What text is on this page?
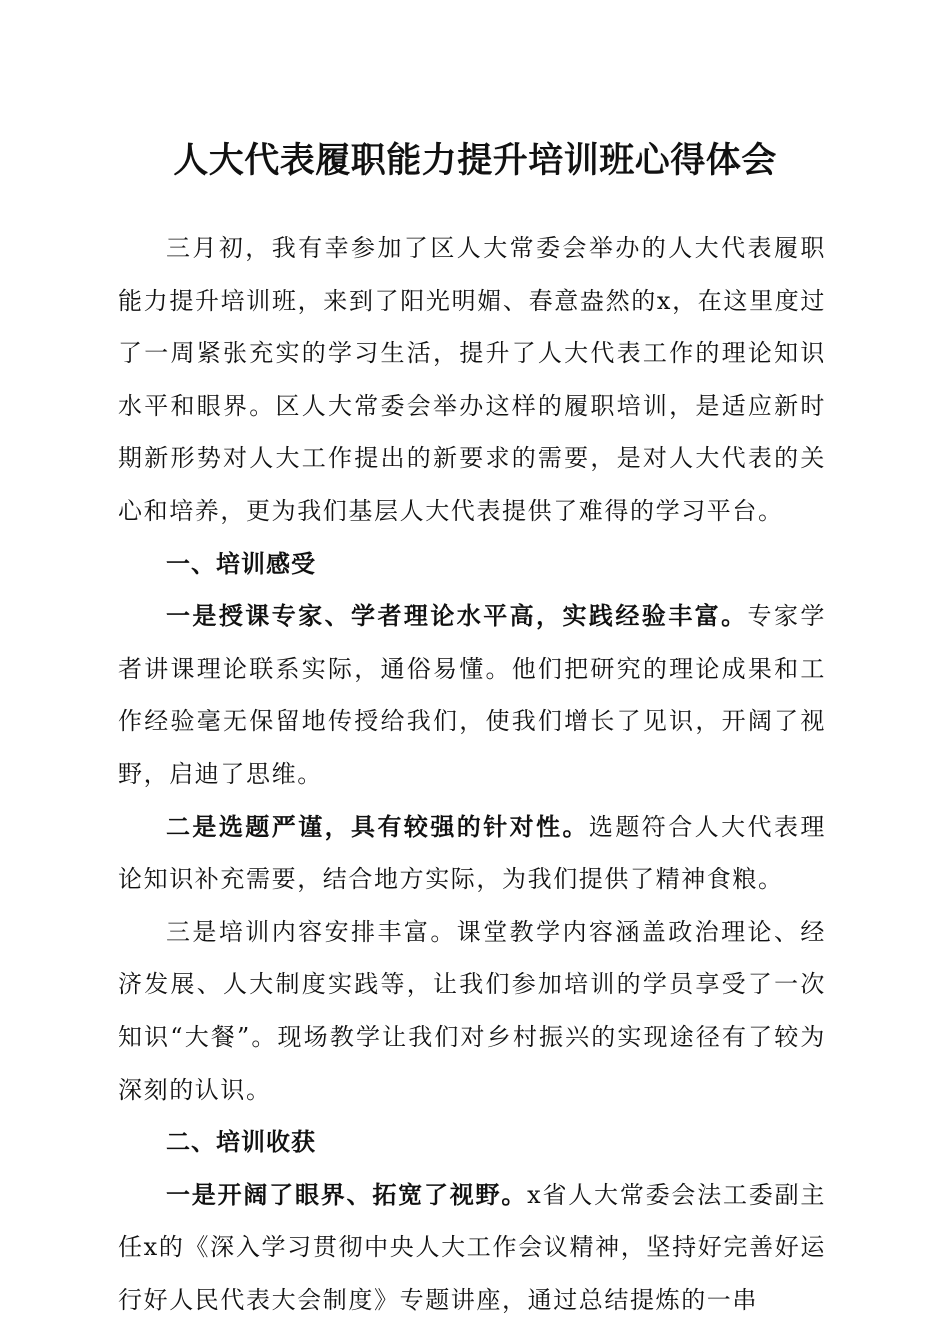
人大代表履职能力提升培训班心得体会

三月初，我有幸参加了区人大常委会举办的人大代表履职能力提升培训班，来到了阳光明媚、春意盎然的x，在这里度过了一周紧张充实的学习生活，提升了人大代表工作的理论知识水平和眼界。区人大常委会举办这样的履职培训，是适应新时期新形势对人大工作提出的新要求的需要，是对人大代表的关心和培养，更为我们基层人大代表提供了难得的学习平台。

一、培训感受

一是授课专家、学者理论水平高，实践经验丰富。专家学者讲课理论联系实际，通俗易懂。他们把研究的理论成果和工作经验毫无保留地传授给我们，使我们增长了见识，开阔了视野，启迪了思维。

二是选题严谨，具有较强的针对性。选题符合人大代表理论知识补充需要，结合地方实际，为我们提供了精神食粮。

三是培训内容安排丰富。课堂教学内容涵盖政治理论、经济发展、人大制度实践等，让我们参加培训的学员享受了一次知识“大餐”。现场教学让我们对乡村振兴的实现途径有了较为深刻的认识。

二、培训收获

一是开阔了眼界、拓宽了视野。x省人大常委会法工委副主任x的《深入学习贯彻中央人大工作会议精神，坚持好完善好运行好人民代表大会制度》专题讲座，通过总结提炼的一串
